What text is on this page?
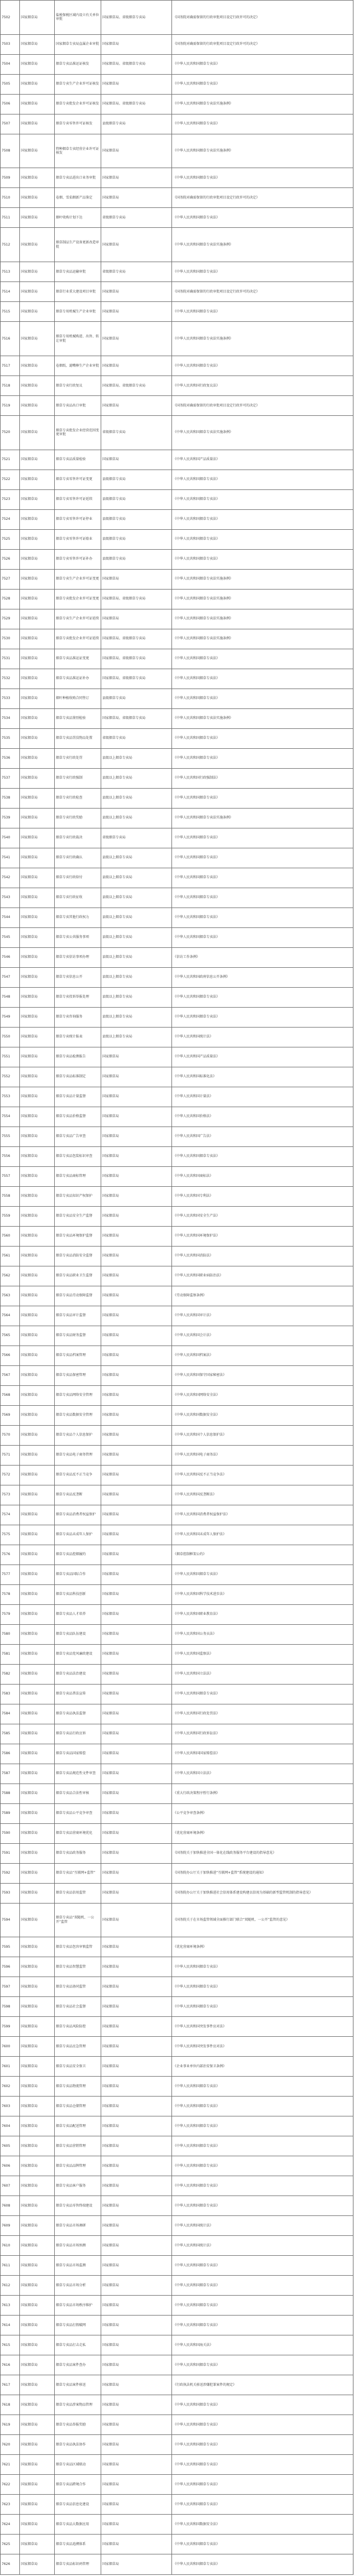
7502	国家烟草局	盐税保税区域内设立有关单位审批	国家烟草局、省级烟草专卖局	《国务院对确需保留的行政审批项目设定行政许可的决定》
7503	国家烟草局	国家烟草专卖局直属企业审批	国家烟草局	《国务院对确需保留的行政审批项目设定行政许可的决定》
7504	国家烟草局	烟草专卖品准运证核发	国家烟草局、省级烟草专卖局	《中华人民共和国烟草专卖法》
7505	国家烟草局	烟草专卖生产企业许可证核发	国家烟草局	《中华人民共和国烟草专卖法》
7506	国家烟草局	烟草专卖批发企业许可证核发	国家烟草局、省级烟草专卖局	《中华人民共和国烟草专卖法实施条例》
7507	国家烟草局	烟草专卖零售许可证核发	县级烟草专卖局	《中华人民共和国烟草专卖法》
7508	国家烟草局	特种烟草专卖经营企业许可证核发	国家烟草局	《中华人民共和国烟草专卖法实施条例》
7509	国家烟草局	烟草专卖品进出口业务审批	国家烟草局	《中华人民共和国烟草专卖法》
7510	国家烟草局	卷烟、雪茄烟新产品鉴定	国家烟草局	《国务院对确需保留的行政审批项目设定行政许可的决定》
7511	国家烟草局	烟叶收购计划下达	省级烟草专卖局	《中华人民共和国烟草专卖法》
7512	国家烟草局	烟草制品生产设备更新改造审批	国家烟草局	《中华人民共和国烟草专卖法实施条例》
7513	国家烟草局	烟草专卖品运输审批	省级烟草专卖局	《中华人民共和国烟草专卖法》
7514	国家烟草局	烟草行业重大建设项目审批	国家烟草局	《国务院对确需保留的行政审批项目设定行政许可的决定》
7515	国家烟草局	烟草专用机械生产企业审批	国家烟草局	《中华人民共和国烟草专卖法》
7516	国家烟草局	烟草专用机械购进、出售、转让审批	国家烟草局	《中华人民共和国烟草专卖法实施条例》
7517	国家烟草局	卷烟纸、滤嘴棒生产企业审批	国家烟草局	《中华人民共和国烟草专卖法》
7518	国家烟草局	烟草专卖行政复议	国家烟草局、省级烟草专卖局	《中华人民共和国行政复议法》
7519	国家烟草局	烟草专卖品出口审批	国家烟草局	《国务院对确需保留的行政审批项目设定行政许可的决定》
7520	国家烟草局	烟草专卖批发企业经营范围变更审批	省级烟草专卖局	《中华人民共和国烟草专卖法实施条例》
7521	国家烟草局	烟草专卖品质量检验	国家烟草局	《中华人民共和国产品质量法》
7522	国家烟草局	烟草专卖零售许可证变更	县级烟草专卖局	《中华人民共和国烟草专卖法》
7523	国家烟草局	烟草专卖零售许可证延续	县级烟草专卖局	《中华人民共和国烟草专卖法》
7524	国家烟草局	烟草专卖零售许可证停业	县级烟草专卖局	《中华人民共和国烟草专卖法》
7525	国家烟草局	烟草专卖零售许可证歇业	县级烟草专卖局	《中华人民共和国烟草专卖法》
7526	国家烟草局	烟草专卖零售许可证补办	县级烟草专卖局	《中华人民共和国烟草专卖法》
7527	国家烟草局	烟草专卖生产企业许可证变更	国家烟草局	《中华人民共和国烟草专卖法实施条例》
7528	国家烟草局	烟草专卖批发企业许可证变更	国家烟草局、省级烟草专卖局	《中华人民共和国烟草专卖法实施条例》
7529	国家烟草局	烟草专卖生产企业许可证延续	国家烟草局	《中华人民共和国烟草专卖法实施条例》
7530	国家烟草局	烟草专卖批发企业许可证延续	国家烟草局、省级烟草专卖局	《中华人民共和国烟草专卖法实施条例》
7531	国家烟草局	烟草专卖品准运证变更	国家烟草局、省级烟草专卖局	《中华人民共和国烟草专卖法》
7532	国家烟草局	烟草专卖品准运证补办	国家烟草局、省级烟草专卖局	《中华人民共和国烟草专卖法》
7533	国家烟草局	烟叶种植收购合同签订	县级烟草专卖局	《中华人民共和国烟草专卖法》
7534	国家烟草局	烟草专卖品鉴别检验	国家烟草局、省级烟草专卖局	《中华人民共和国烟草专卖法实施条例》
7535	国家烟草局	烟草专卖品罚没物品处置	省级烟草专卖局	《中华人民共和国烟草专卖法》
7536	国家烟草局	烟草专卖行政处罚	县级以上烟草专卖局	《中华人民共和国烟草专卖法》
7537	国家烟草局	烟草专卖行政强制	县级以上烟草专卖局	《中华人民共和国行政强制法》
7538	国家烟草局	烟草专卖行政检查	县级以上烟草专卖局	《中华人民共和国烟草专卖法》
7539	国家烟草局	烟草专卖行政奖励	县级以上烟草专卖局	《中华人民共和国烟草专卖法实施条例》
7540	国家烟草局	烟草专卖行政裁决	省级烟草专卖局	《中华人民共和国烟草专卖法》
7541	国家烟草局	烟草专卖行政确认	县级以上烟草专卖局	《中华人民共和国烟草专卖法》
7542	国家烟草局	烟草专卖行政给付	县级以上烟草专卖局	《中华人民共和国烟草专卖法》
7543	国家烟草局	烟草专卖行政征收	县级以上烟草专卖局	《中华人民共和国烟草专卖法》
7544	国家烟草局	烟草专卖其他行政权力	县级以上烟草专卖局	《中华人民共和国烟草专卖法》
7545	国家烟草局	烟草专卖公共服务事项	县级以上烟草专卖局	《中华人民共和国烟草专卖法》
7546	国家烟草局	烟草专卖信访事项办理	县级以上烟草专卖局	《信访工作条例》
7547	国家烟草局	烟草专卖信息公开	县级以上烟草专卖局	《中华人民共和国政府信息公开条例》
7548	国家烟草局	烟草专卖投诉举报处理	县级以上烟草专卖局	《中华人民共和国烟草专卖法》
7549	国家烟草局	烟草专卖咨询服务	县级以上烟草专卖局	《中华人民共和国烟草专卖法》
7550	国家烟草局	烟草专卖统计报表	县级以上烟草专卖局	《中华人民共和国统计法》
7551	国家烟草局	烟草专卖品检测报告	国家烟草局	《中华人民共和国产品质量法》
7552	国家烟草局	烟草专卖品标准制定	国家烟草局	《中华人民共和国标准化法》
7553	国家烟草局	烟草专卖品计量监督	国家烟草局	《中华人民共和国计量法》
7554	国家烟草局	烟草专卖品价格监督	国家烟草局	《中华人民共和国价格法》
7555	国家烟草局	烟草专卖品广告审查	国家烟草局	《中华人民共和国广告法》
7556	国家烟草局	烟草专卖品包装标识审查	国家烟草局	《中华人民共和国烟草专卖法》
7557	国家烟草局	烟草专卖品商标管理	国家烟草局	《中华人民共和国商标法》
7558	国家烟草局	烟草专卖品知识产权保护	国家烟草局	《中华人民共和国专利法》
7559	国家烟草局	烟草专卖品安全生产监督	国家烟草局	《中华人民共和国安全生产法》
7560	国家烟草局	烟草专卖品环境保护监督	国家烟草局	《中华人民共和国环境保护法》
7561	国家烟草局	烟草专卖品消防安全监督	国家烟草局	《中华人民共和国消防法》
7562	国家烟草局	烟草专卖品职业卫生监督	国家烟草局	《中华人民共和国职业病防治法》
7563	国家烟草局	烟草专卖品劳动保障监督	国家烟草局	《劳动保障监察条例》
7564	国家烟草局	烟草专卖品审计监督	国家烟草局	《中华人民共和国审计法》
7565	国家烟草局	烟草专卖品财务监督	国家烟草局	《中华人民共和国会计法》
7566	国家烟草局	烟草专卖品档案管理	国家烟草局	《中华人民共和国档案法》
7567	国家烟草局	烟草专卖品保密管理	国家烟草局	《中华人民共和国保守国家秘密法》
7568	国家烟草局	烟草专卖品网络安全管理	国家烟草局	《中华人民共和国网络安全法》
7569	国家烟草局	烟草专卖品数据安全管理	国家烟草局	《中华人民共和国数据安全法》
7570	国家烟草局	烟草专卖品个人信息保护	国家烟草局	《中华人民共和国个人信息保护法》
7571	国家烟草局	烟草专卖品电子商务管理	国家烟草局	《中华人民共和国电子商务法》
7572	国家烟草局	烟草专卖品反不正当竞争	国家烟草局	《中华人民共和国反不正当竞争法》
7573	国家烟草局	烟草专卖品反垄断	国家烟草局	《中华人民共和国反垄断法》
7574	国家烟草局	烟草专卖品消费者权益保护	国家烟草局	《中华人民共和国消费者权益保护法》
7575	国家烟草局	烟草专卖品未成年人保护	国家烟草局	《中华人民共和国未成年人保护法》
7576	国家烟草局	烟草专卖品控烟履约	国家烟草局	《烟草控制框架公约》
7577	国家烟草局	烟草专卖品国际合作	国家烟草局	《中华人民共和国烟草专卖法》
7578	国家烟草局	烟草专卖品科技创新	国家烟草局	《中华人民共和国科学技术进步法》
7579	国家烟草局	烟草专卖品人才培养	国家烟草局	《中华人民共和国职业教育法》
7580	国家烟草局	烟草专卖品队伍建设	国家烟草局	《中华人民共和国公务员法》
7581	国家烟草局	烟草专卖品党风廉政建设	国家烟草局	《中华人民共和国监察法》
7582	国家烟草局	烟草专卖品法治建设	国家烟草局	《中华人民共和国立法法》
7583	国家烟草局	烟草专卖品普法宣传	国家烟草局	《中华人民共和国烟草专卖法》
7584	国家烟草局	烟草专卖品执法监督	国家烟草局	《中华人民共和国行政处罚法》
7585	国家烟草局	烟草专卖品行政应诉	国家烟草局	《中华人民共和国行政诉讼法》
7586	国家烟草局	烟草专卖品国家赔偿	国家烟草局	《中华人民共和国国家赔偿法》
7587	国家烟草局	烟草专卖品规范性文件审查	国家烟草局	《中华人民共和国立法法》
7588	国家烟草局	烟草专卖品合法性审核	国家烟草局	《重大行政决策程序暂行条例》
7589	国家烟草局	烟草专卖品公平竞争审查	国家烟草局	《公平竞争审查条例》
7590	国家烟草局	烟草专卖品营商环境优化	国家烟草局	《优化营商环境条例》
7591	国家烟草局	烟草专卖品政务服务	国家烟草局	《国务院关于加快推进全国一体化在线政务服务平台建设的指导意见》
7592	国家烟草局	烟草专卖品“互联网+监管”	国家烟草局	《国务院办公厅关于加快推进“互联网+监管”系统建设的通知》
7593	国家烟草局	烟草专卖品信用监管	国家烟草局	《国务院办公厅关于加快推进社会信用体系建设构建以信用为基础的新型监管机制的指导意见》
7594	国家烟草局	烟草专卖品“双随机、一公开”监管	国家烟草局	《国务院关于在市场监管领域全面推行部门联合“双随机、一公开”监管的意见》
7595	国家烟草局	烟草专卖品包容审慎监管	国家烟草局	《优化营商环境条例》
7596	国家烟草局	烟草专卖品智慧监管	国家烟草局	《中华人民共和国烟草专卖法》
7597	国家烟草局	烟草专卖品协同监管	国家烟草局	《中华人民共和国烟草专卖法》
7598	国家烟草局	烟草专卖品社会监督	国家烟草局	《中华人民共和国烟草专卖法》
7599	国家烟草局	烟草专卖品风险防控	国家烟草局	《中华人民共和国突发事件应对法》
7600	国家烟草局	烟草专卖品应急管理	国家烟草局	《中华人民共和国突发事件应对法》
7601	国家烟草局	烟草专卖品安全保卫	国家烟草局	《企业事业单位内部治安保卫条例》
7602	国家烟草局	烟草专卖品物流管理	国家烟草局	《中华人民共和国烟草专卖法》
7603	国家烟草局	烟草专卖品仓储管理	国家烟草局	《中华人民共和国烟草专卖法》
7604	国家烟草局	烟草专卖品配送管理	国家烟草局	《中华人民共和国烟草专卖法》
7605	国家烟草局	烟草专卖品营销管理	国家烟草局	《中华人民共和国烟草专卖法》
7606	国家烟草局	烟草专卖品品牌管理	国家烟草局	《中华人民共和国烟草专卖法》
7607	国家烟草局	烟草专卖品客户服务	国家烟草局	《中华人民共和国烟草专卖法》
7608	国家烟草局	烟草专卖品零售终端建设	国家烟草局	《中华人民共和国烟草专卖法》
7609	国家烟草局	烟草专卖品市场调研	国家烟草局	《中华人民共和国统计法》
7610	国家烟草局	烟草专卖品市场预测	国家烟草局	《中华人民共和国统计法》
7611	国家烟草局	烟草专卖品市场监测	国家烟草局	《中华人民共和国烟草专卖法》
7612	国家烟草局	烟草专卖品市场分析	国家烟草局	《中华人民共和国烟草专卖法》
7613	国家烟草局	烟草专卖品市场秩序维护	国家烟草局	《中华人民共和国烟草专卖法》
7614	国家烟草局	烟草专卖品打假破网	国家烟草局	《中华人民共和国烟草专卖法》
7615	国家烟草局	烟草专卖品打击走私	国家烟草局	《中华人民共和国海关法》
7616	国家烟草局	烟草专卖品案件查办	国家烟草局	《中华人民共和国烟草专卖法》
7617	国家烟草局	烟草专卖品案件移送	国家烟草局	《行政执法机关移送涉嫌犯罪案件的规定》
7618	国家烟草局	烟草专卖品涉案物品管理	国家烟草局	《中华人民共和国烟草专卖法》
7619	国家烟草局	烟草专卖品举报奖励	国家烟草局	《中华人民共和国烟草专卖法》
7620	国家烟草局	烟草专卖品执法协作	国家烟草局	《中华人民共和国烟草专卖法》
7621	国家烟草局	烟草专卖品区域联动	国家烟草局	《中华人民共和国烟草专卖法》
7622	国家烟草局	烟草专卖品跨境合作	国家烟草局	《中华人民共和国烟草专卖法》
7623	国家烟草局	烟草专卖品信息化建设	国家烟草局	《中华人民共和国烟草专卖法》
7624	国家烟草局	烟草专卖品大数据应用	国家烟草局	《中华人民共和国数据安全法》
7625	国家烟草局	烟草专卖品追溯体系	国家烟草局	《中华人民共和国烟草专卖法》
7626	国家烟草局	烟草专卖品标识码管理	国家烟草局	《中华人民共和国烟草专卖法》
